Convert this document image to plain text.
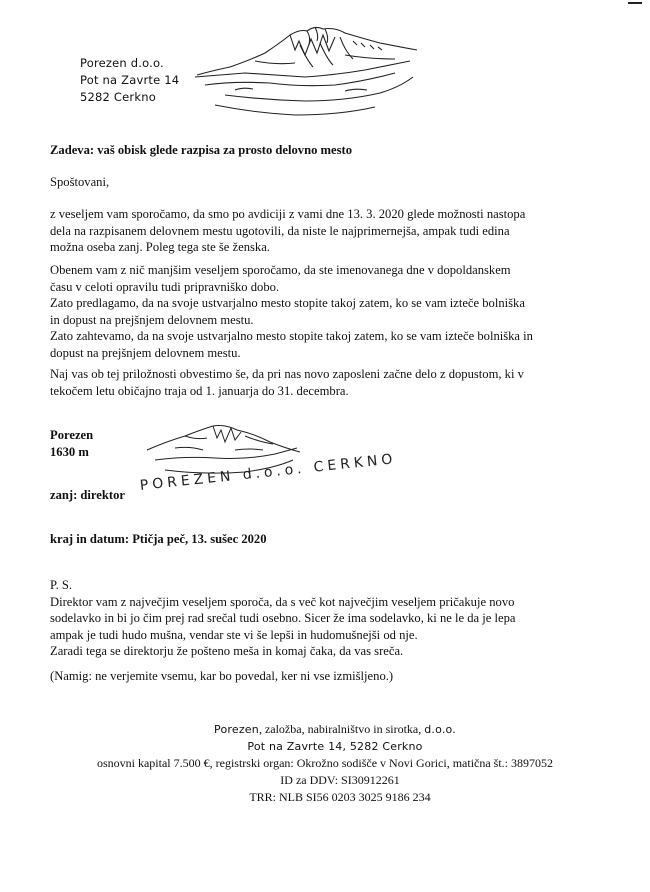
Porezen d.o.o.
Pot na Zavrte 14
5282 Cerkno
Zadeva: vaš obisk glede razpisa za prosto delovno mesto
Spoštovani,

z veseljem vam sporočamo, da smo po avdiciji z vami dne 13. 3. 2020 glede možnosti nastopa

dela na razpisanem delovnem mestu ugotovili, da niste le najprimernejša, ampak tudi edina

možna oseba zanj. Poleg tega ste še ženska.

Obenem vam z nič manjšim veseljem sporočamo, da ste imenovanega dne v dopoldanskem

času v celoti opravilu tudi pripravniško dobo.

Zato predlagamo, da na svoje ustvarjalno mesto stopite takoj zatem, ko se vam izteče bolniška

in dopust na prejšnjem delovnem mestu.

Zato zahtevamo, da na svoje ustvarjalno mesto stopite takoj zatem, ko se vam izteče bolniška in

dopust na prejšnjem delovnem mestu.

Naj vas ob tej priložnosti obvestimo še, da pri nas novo zaposleni začne delo z dopustom, ki v

tekočem letu običajno traja od 1. januarja do 31. decembra.

Porezen
1630 m
zanj: direktor
POREZEN d.o.o. CERKNO
kraj in datum: Ptičja peč, 13. sušec 2020

P. S.

Direktor vam z največjim veseljem sporoča, da s več kot največjim veseljem pričakuje novo

sodelavko in bi jo čim prej rad srečal tudi osebno. Sicer že ima sodelavko, ki ne le da je lepa

ampak je tudi hudo mušna, vendar ste vi še lepši in hudomušnejši od nje.

Zaradi tega se direktorju že pošteno meša in komaj čaka, da vas sreča.

(Namig: ne verjemite vsemu, kar bo povedal, ker ni vse izmišljeno.)
Porezen, založba, nabiralništvo in sirotka, d.o.o.
Pot na Zavrte 14, 5282 Cerkno
osnovni kapital 7.500 €, registrski organ: Okrožno sodišče v Novi Gorici, matična št.: 3897052
ID za DDV: SI30912261
TRR: NLB SI56 0203 3025 9186 234
